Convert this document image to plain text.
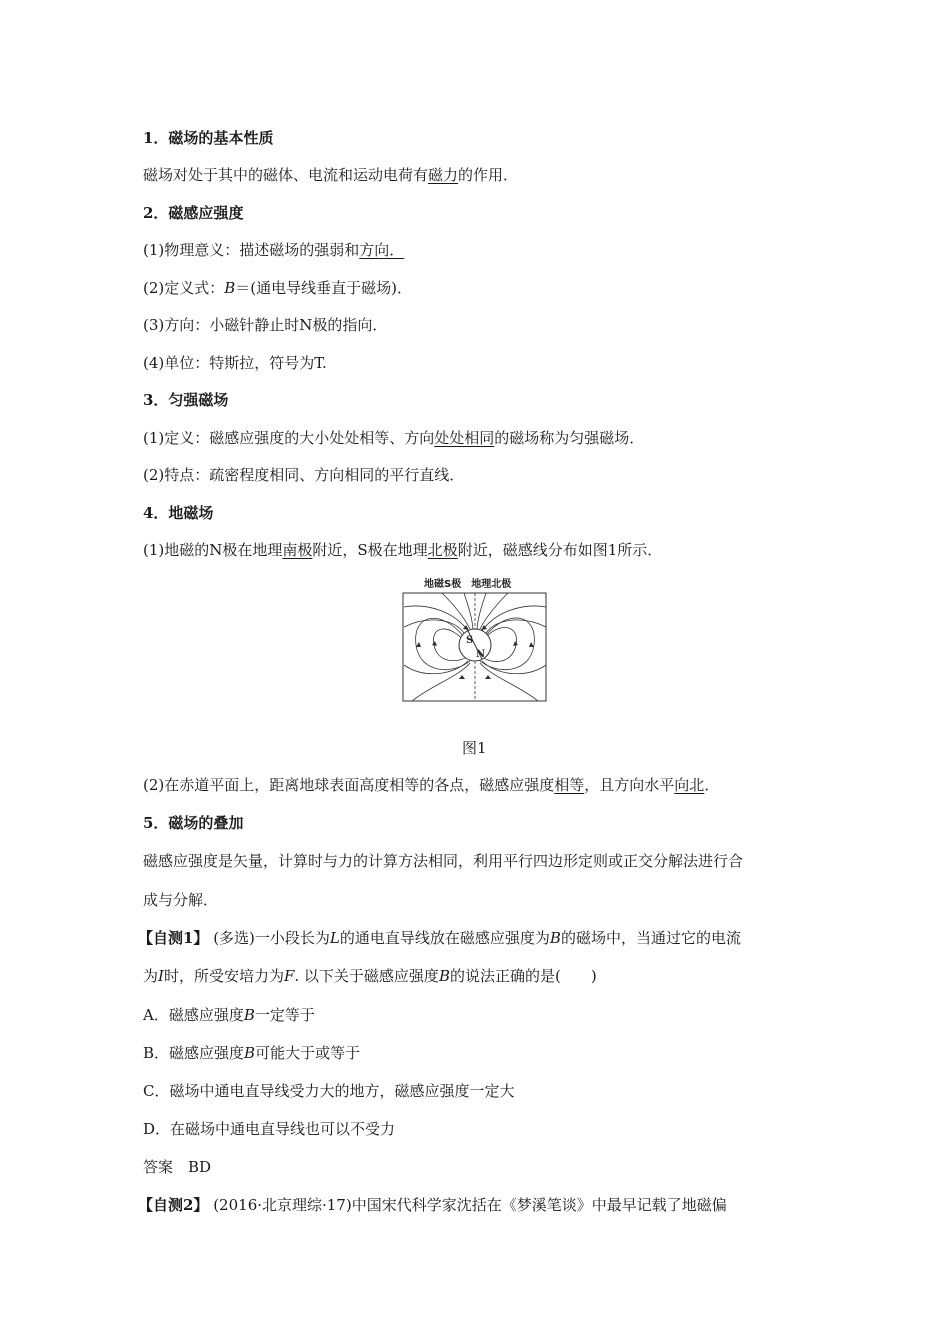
1．磁场的基本性质
磁场对处于其中的磁体、电流和运动电荷有磁力的作用．
2．磁感应强度
(1)物理意义：描述磁场的强弱和方向．
(2)定义式：B＝(通电导线垂直于磁场)．
(3)方向：小磁针静止时N极的指向．
(4)单位：特斯拉，符号为T.
3．匀强磁场
(1)定义：磁感应强度的大小处处相等、方向处处相同的磁场称为匀强磁场．
(2)特点：疏密程度相同、方向相同的平行直线．
4．地磁场
(1)地磁的N极在地理南极附近，S极在地理北极附近，磁感线分布如图1所示．
地磁S极　地理北极
S
N
图1
(2)在赤道平面上，距离地球表面高度相等的各点，磁感应强度相等，且方向水平向北．
5．磁场的叠加
磁感应强度是矢量，计算时与力的计算方法相同，利用平行四边形定则或正交分解法进行合
成与分解．
【自测1】 (多选)一小段长为L的通电直导线放在磁感应强度为B的磁场中，当通过它的电流
为I时，所受安培力为F. 以下关于磁感应强度B的说法正确的是(　　)
A．磁感应强度B一定等于
B．磁感应强度B可能大于或等于
C．磁场中通电直导线受力大的地方，磁感应强度一定大
D．在磁场中通电直导线也可以不受力
答案　BD
【自测2】 (2016·北京理综·17)中国宋代科学家沈括在《梦溪笔谈》中最早记载了地磁偏
